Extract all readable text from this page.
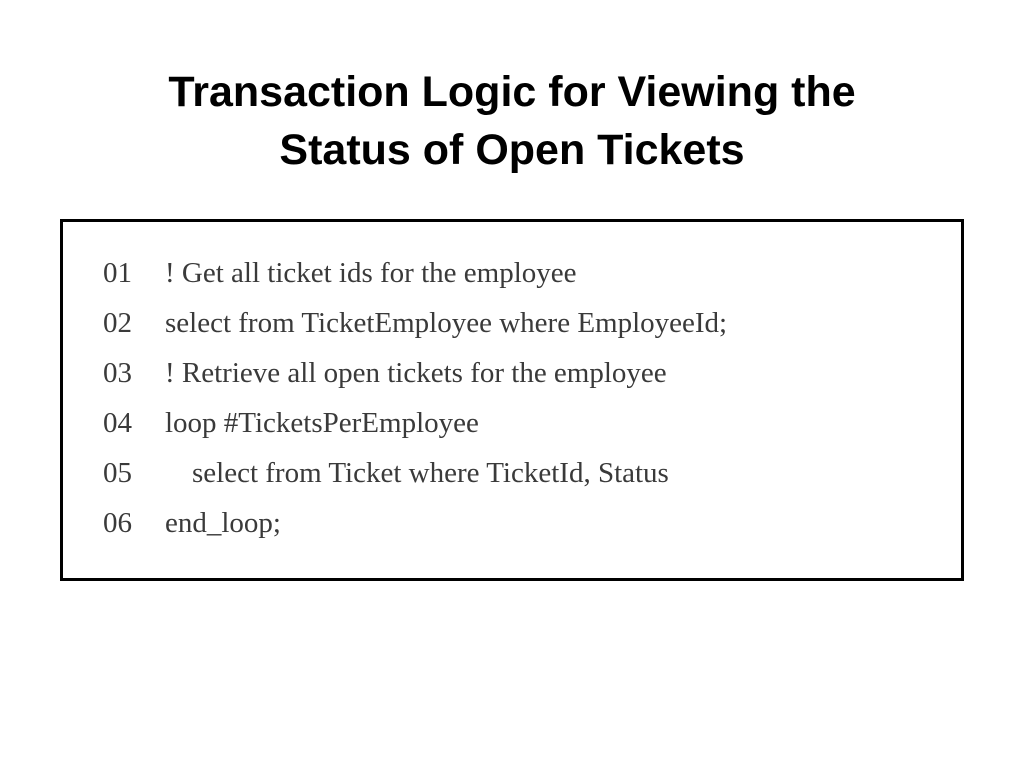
Transaction Logic for Viewing the
Status of Open Tickets
01	! Get all ticket ids for the employee
02	select from TicketEmployee where EmployeeId;
03	! Retrieve all open tickets for the employee
04	loop #TicketsPerEmployee
05	select from Ticket where TicketId, Status
06	end_loop;
